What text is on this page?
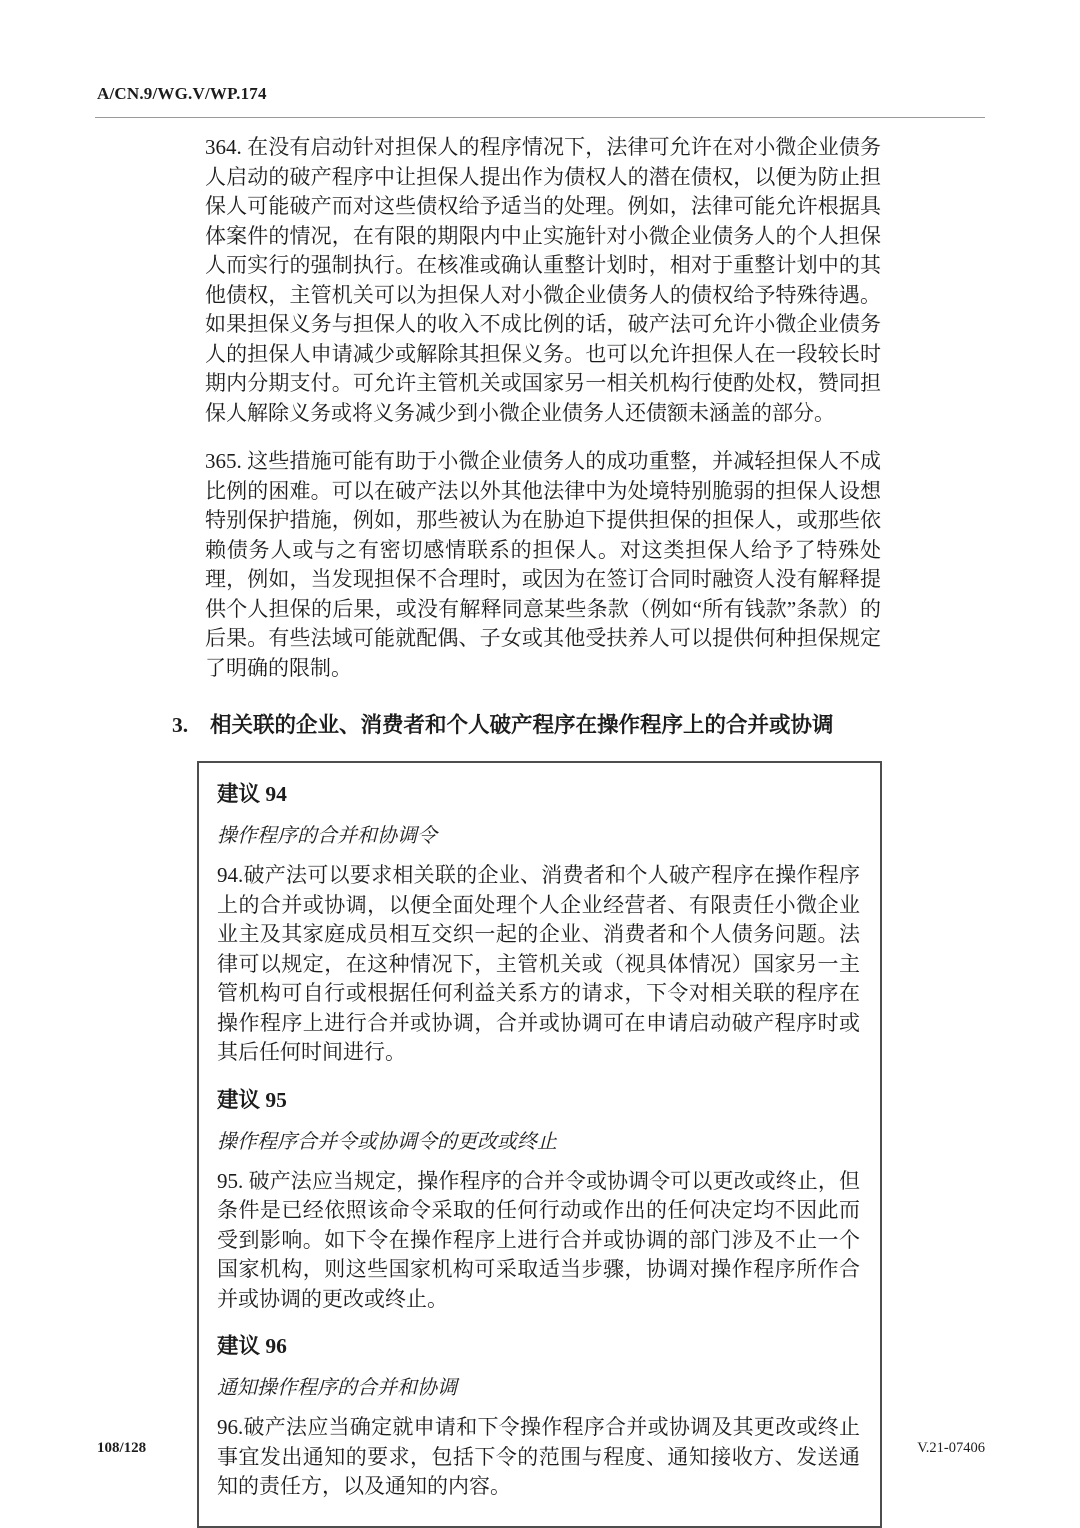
A/CN.9/WG.V/WP.174

364. 在没有启动针对担保人的程序情况下，法律可允许在对小微企业债务人启动的破产程序中让担保人提出作为债权人的潜在债权，以便为防止担保人可能破产而对这些债权给予适当的处理。例如，法律可能允许根据具体案件的情况，在有限的期限内中止实施针对小微企业债务人的个人担保人而实行的强制执行。在核准或确认重整计划时，相对于重整计划中的其他债权，主管机关可以为担保人对小微企业债务人的债权给予特殊待遇。如果担保义务与担保人的收入不成比例的话，破产法可允许小微企业债务人的担保人申请减少或解除其担保义务。也可以允许担保人在一段较长时期内分期支付。可允许主管机关或国家另一相关机构行使酌处权，赞同担保人解除义务或将义务减少到小微企业债务人还债额未涵盖的部分。

365. 这些措施可能有助于小微企业债务人的成功重整，并减轻担保人不成比例的困难。可以在破产法以外其他法律中为处境特别脆弱的担保人设想特别保护措施，例如，那些被认为在胁迫下提供担保的担保人，或那些依赖债务人或与之有密切感情联系的担保人。对这类担保人给予了特殊处理，例如，当发现担保不合理时，或因为在签订合同时融资人没有解释提供个人担保的后果，或没有解释同意某些条款（例如“所有钱款”条款）的后果。有些法域可能就配偶、子女或其他受扶养人可以提供何种担保规定了明确的限制。

3.	相关联的企业、消费者和个人破产程序在操作程序上的合并或协调
建议 94
操作程序的合并和协调令

94.破产法可以要求相关联的企业、消费者和个人破产程序在操作程序上的合并或协调，以便全面处理个人企业经营者、有限责任小微企业业主及其家庭成员相互交织一起的企业、消费者和个人债务问题。法律可以规定，在这种情况下，主管机关或（视具体情况）国家另一主管机构可自行或根据任何利益关系方的请求，下令对相关联的程序在操作程序上进行合并或协调，合并或协调可在申请启动破产程序时或其后任何时间进行。

建议 95
操作程序合并令或协调令的更改或终止

95. 破产法应当规定，操作程序的合并令或协调令可以更改或终止，但条件是已经依照该命令采取的任何行动或作出的任何决定均不因此而受到影响。如下令在操作程序上进行合并或协调的部门涉及不止一个国家机构，则这些国家机构可采取适当步骤，协调对操作程序所作合并或协调的更改或终止。

建议 96
通知操作程序的合并和协调

96.破产法应当确定就申请和下令操作程序合并或协调及其更改或终止事宜发出通知的要求，包括下令的范围与程度、通知接收方、发送通知的责任方，以及通知的内容。

108/128	V.21-07406
